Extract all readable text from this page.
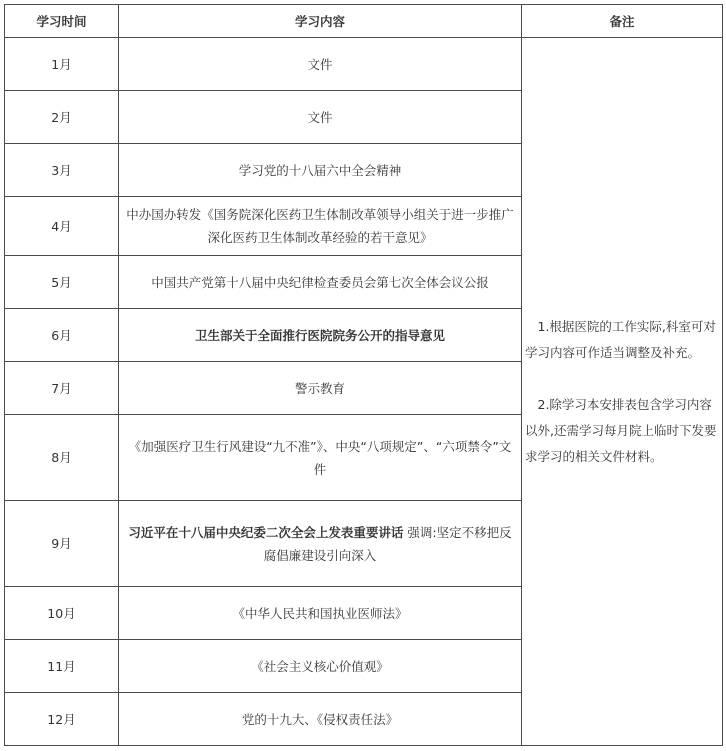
学习时间	学习内容	备注
1月	文件	1.根据医院的工作实际,科室可对学习内容可作适当调整及补充。

2.除学习本安排表包含学习内容以外,还需学习每月院上临时下发要求学习的相关文件材料。

2月	文件	
3月	学习党的十八届六中全会精神	
4月	中办国办转发《国务院深化医药卫生体制改革领导小组关于进一步推广深化医药卫生体制改革经验的若干意见》	
5月	中国共产党第十八届中央纪律检查委员会第七次全体会议公报	
6月	卫生部关于全面推行医院院务公开的指导意见	
7月	警示教育	
8月	《加强医疗卫生行风建设“九不准”》、中央“八项规定”、“六项禁令”文件	
9月	习近平在十八届中央纪委二次全会上发表重要讲话 强调:坚定不移把反腐倡廉建设引向深入	
10月	《中华人民共和国执业医师法》	
11月	《社会主义核心价值观》	
12月	党的十九大、《侵权责任法》	
